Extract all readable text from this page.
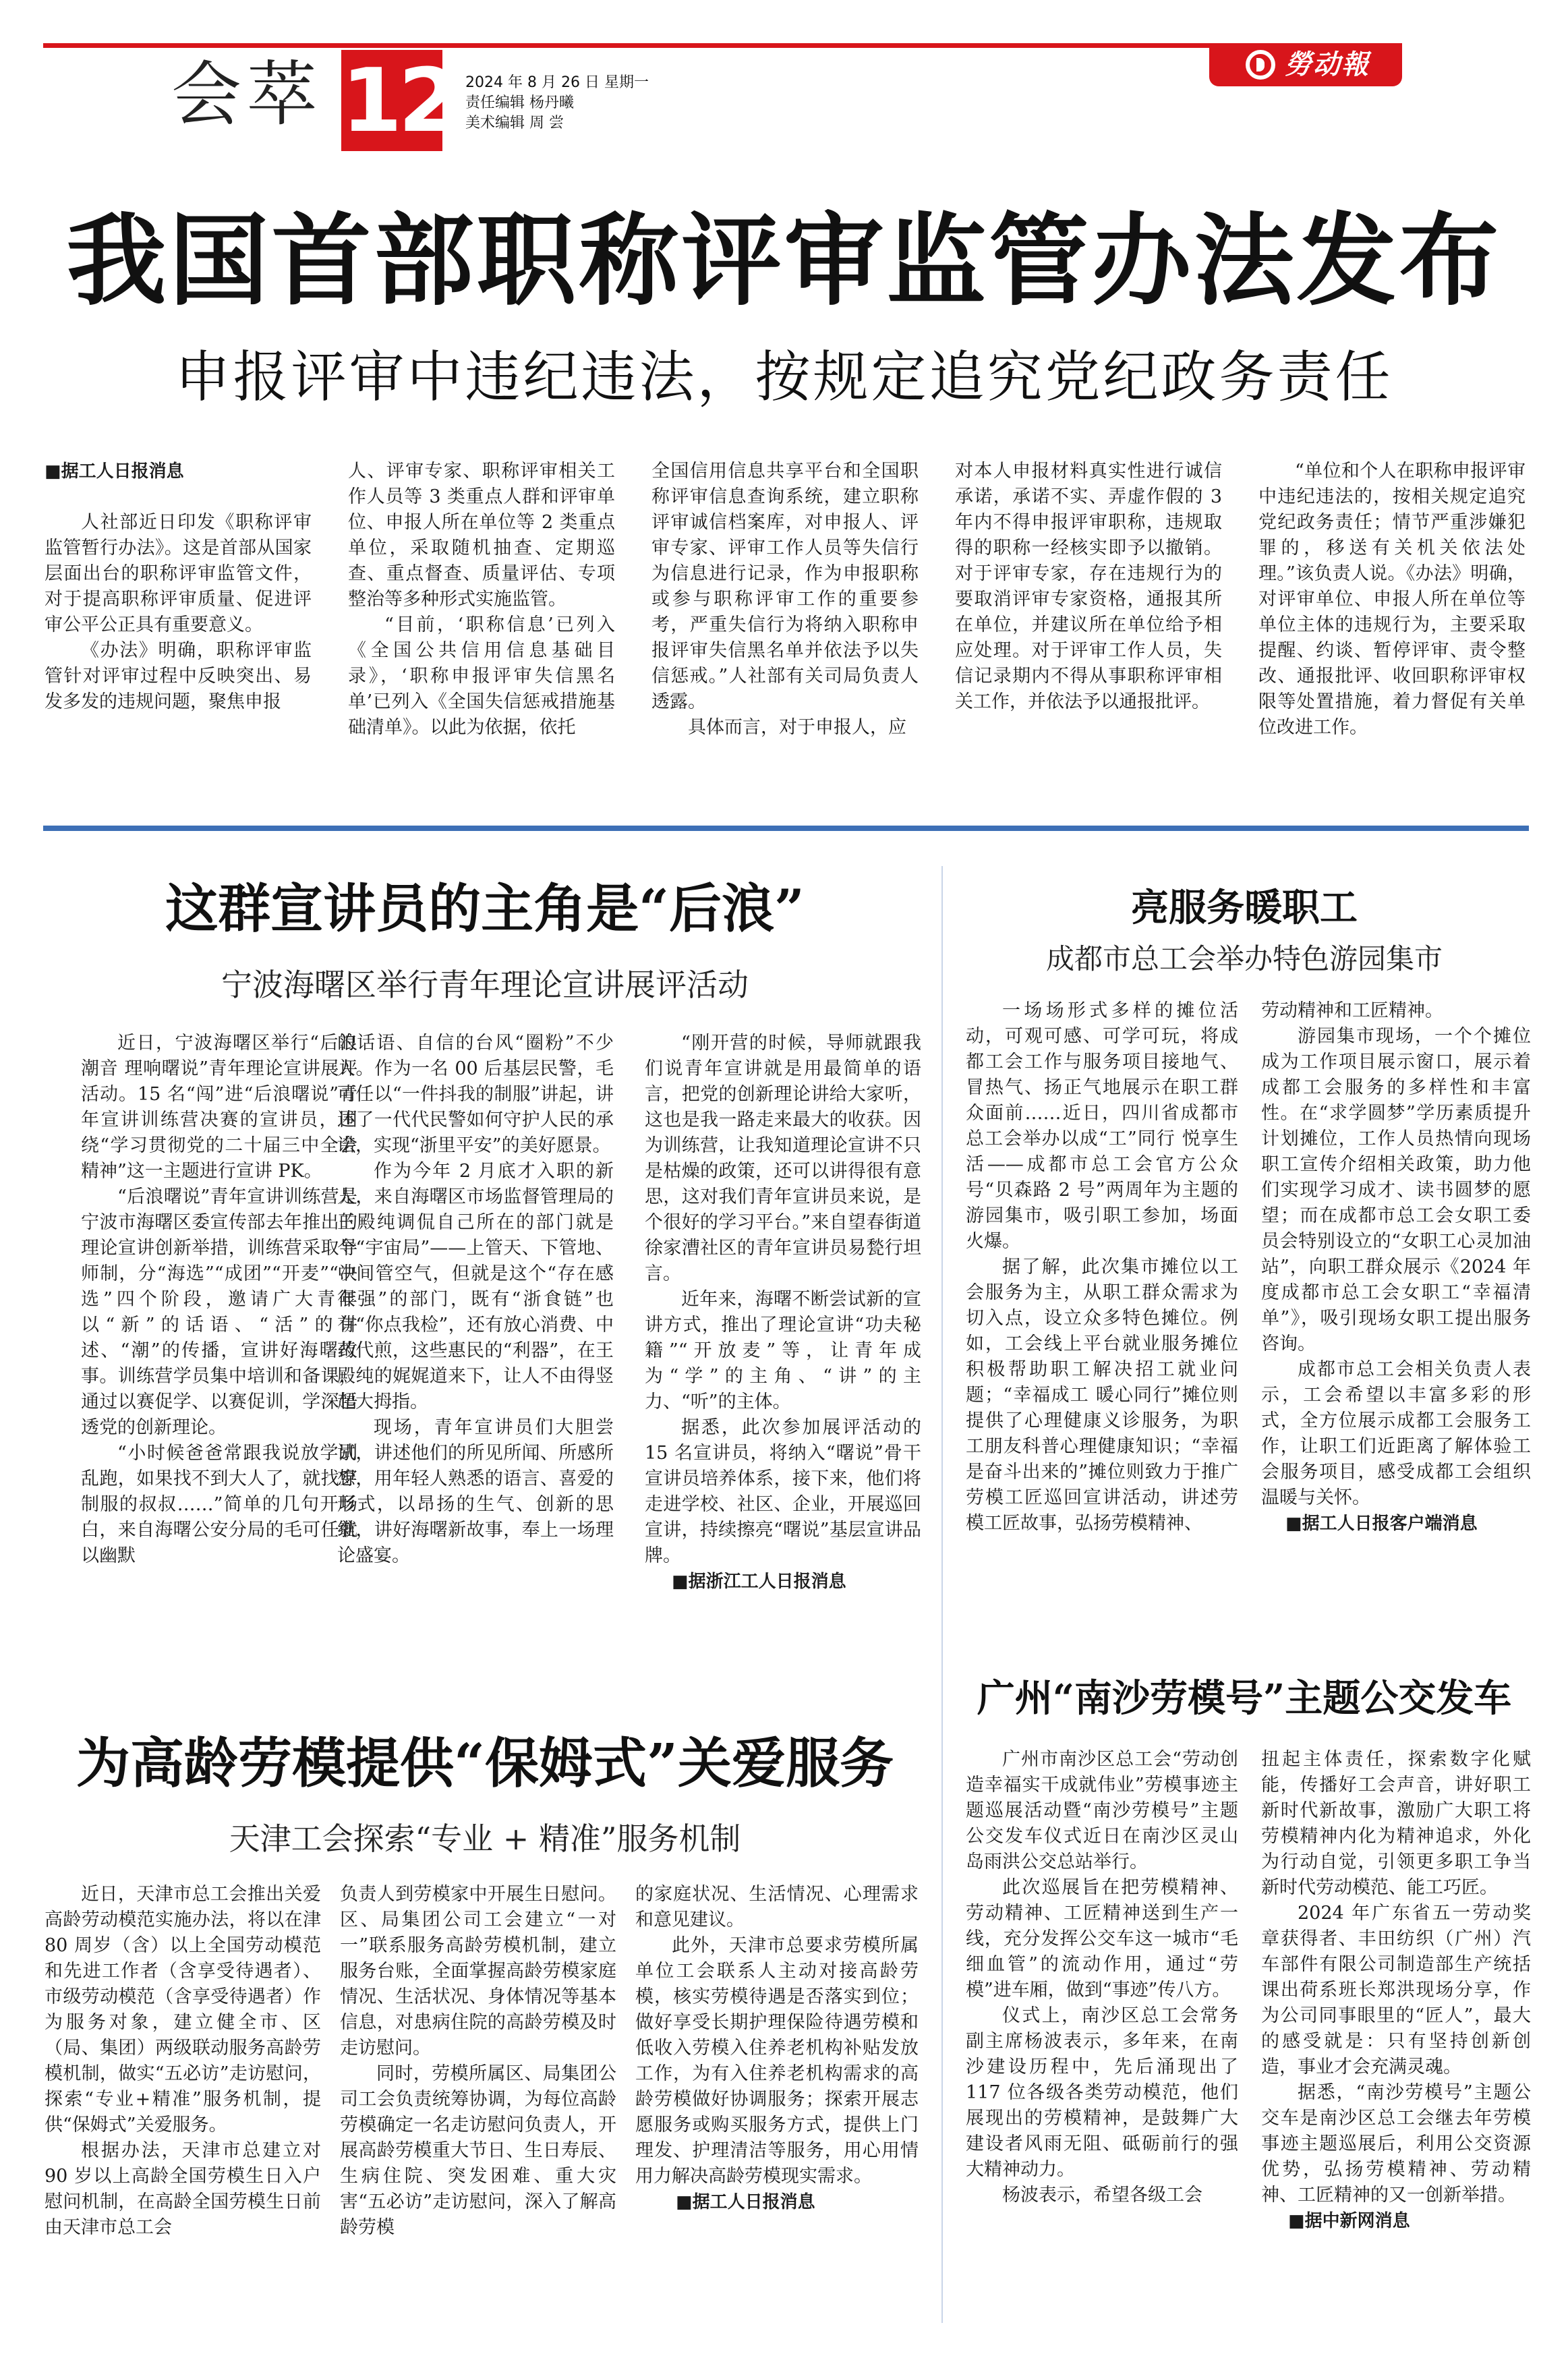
会萃 12 2024 年 8 月 26 日 星期一
责任编辑 杨丹曦
美术编辑 周 尝
勞动報
我国首部职称评审监管办法发布
申报评审中违纪违法，按规定追究党纪政务责任

■据工人日报消息

人社部近日印发《职称评审监管暂行办法》。这是首部从国家层面出台的职称评审监管文件，对于提高职称评审质量、促进评审公平公正具有重要意义。

《办法》明确，职称评审监管针对评审过程中反映突出、易发多发的违规问题，聚焦申报

人、评审专家、职称评审相关工作人员等 3 类重点人群和评审单位、申报人所在单位等 2 类重点单位，采取随机抽查、定期巡查、重点督查、质量评估、专项整治等多种形式实施监管。

“目前，‘职称信息’已列入《全国公共信用信息基础目录》，‘职称申报评审失信黑名单’已列入《全国失信惩戒措施基础清单》。以此为依据，依托

全国信用信息共享平台和全国职称评审信息查询系统，建立职称评审诚信档案库，对申报人、评审专家、评审工作人员等失信行为信息进行记录，作为申报职称或参与职称评审工作的重要参考，严重失信行为将纳入职称申报评审失信黑名单并依法予以失信惩戒。”人社部有关司局负责人透露。

具体而言，对于申报人，应

对本人申报材料真实性进行诚信承诺，承诺不实、弄虚作假的 3 年内不得申报评审职称，违规取得的职称一经核实即予以撤销。对于评审专家，存在违规行为的要取消评审专家资格，通报其所在单位，并建议所在单位给予相应处理。对于评审工作人员，失信记录期内不得从事职称评审相关工作，并依法予以通报批评。

“单位和个人在职称申报评审中违纪违法的，按相关规定追究党纪政务责任；情节严重涉嫌犯罪的，移送有关机关依法处理。”该负责人说。《办法》明确，对评审单位、申报人所在单位等单位主体的违规行为，主要采取提醒、约谈、暂停评审、责令整改、通报批评、收回职称评审权限等处置措施，着力督促有关单位改进工作。

这群宣讲员的主角是“后浪”
宁波海曙区举行青年理论宣讲展评活动

近日，宁波海曙区举行“后浪潮音 理响曙说”青年理论宣讲展评活动。15 名“闯”进“后浪曙说”青年宣讲训练营决赛的宣讲员，围绕“学习贯彻党的二十届三中全会精神”这一主题进行宣讲 PK。

“后浪曙说”青年宣讲训练营是宁波市海曙区委宣传部去年推出的理论宣讲创新举措，训练营采取导师制，分“海选”“成团”“开麦”“决选”四个阶段，邀请广大青年以“新”的话语、“活”的讲述、“潮”的传播，宣讲好海曙故事。训练营学员集中培训和备课，通过以赛促学、以赛促训，学深悟透党的创新理论。

“小时候爸爸常跟我说放学别乱跑，如果找不到大人了，就找穿制服的叔叔……”简单的几句开场白，来自海曙公安分局的毛可任就以幽默

的话语、自信的台风“圈粉”不少人。作为一名 00 后基层民警，毛可任以“一件抖我的制服”讲起，讲述了一代代民警如何守护人民的承诺，实现“浙里平安”的美好愿景。

作为今年 2 月底才入职的新人，来自海曙区市场监督管理局的王殿纯调侃自己所在的部门就是个“宇宙局”——上管天、下管地、中间管空气，但就是这个“存在感很强”的部门，既有“浙食链”也有“你点我检”，还有放心消费、中药代煎，这些惠民的“利器”，在王殿纯的娓娓道来下，让人不由得竖起大拇指。

现场，青年宣讲员们大胆尝试，讲述他们的所见所闻、所感所想，用年轻人熟悉的语言、喜爱的形式，以昂扬的生气、创新的思维，讲好海曙新故事，奉上一场理论盛宴。

“刚开营的时候，导师就跟我们说青年宣讲就是用最简单的语言，把党的创新理论讲给大家听，这也是我一路走来最大的收获。因为训练营，让我知道理论宣讲不只是枯燥的政策，还可以讲得很有意思，这对我们青年宣讲员来说，是个很好的学习平台。”来自望春街道徐家漕社区的青年宣讲员易甃行坦言。

近年来，海曙不断尝试新的宣讲方式，推出了理论宣讲“功夫秘籍”“开放麦”等，让青年成为“学”的主角、“讲”的主力、“听”的主体。

据悉，此次参加展评活动的 15 名宣讲员，将纳入“曙说”骨干宣讲员培养体系，接下来，他们将走进学校、社区、企业，开展巡回宣讲，持续擦亮“曙说”基层宣讲品牌。

■据浙江工人日报消息

亮服务暖职工
成都市总工会举办特色游园集市

一场场形式多样的摊位活动，可观可感、可学可玩，将成都工会工作与服务项目接地气、冒热气、扬正气地展示在职工群众面前……近日，四川省成都市总工会举办以成“工”同行 悦享生活——成都市总工会官方公众号“贝森路 2 号”两周年为主题的游园集市，吸引职工参加，场面火爆。

据了解，此次集市摊位以工会服务为主，从职工群众需求为切入点，设立众多特色摊位。例如，工会线上平台就业服务摊位积极帮助职工解决招工就业问题；“幸福成工 暖心同行”摊位则提供了心理健康义诊服务，为职工朋友科普心理健康知识；“幸福是奋斗出来的”摊位则致力于推广劳模工匠巡回宣讲活动，讲述劳模工匠故事，弘扬劳模精神、

劳动精神和工匠精神。

游园集市现场，一个个摊位成为工作项目展示窗口，展示着成都工会服务的多样性和丰富性。在“求学圆梦”学历素质提升计划摊位，工作人员热情向现场职工宣传介绍相关政策，助力他们实现学习成才、读书圆梦的愿望；而在成都市总工会女职工委员会特别设立的“女职工心灵加油站”，向职工群众展示《2024 年度成都市总工会女职工“幸福清单”》，吸引现场女职工提出服务咨询。

成都市总工会相关负责人表示，工会希望以丰富多彩的形式，全方位展示成都工会服务工作，让职工们近距离了解体验工会服务项目，感受成都工会组织温暖与关怀。

■据工人日报客户端消息

为高龄劳模提供“保姆式”关爱服务
天津工会探索“专业 + 精准”服务机制

近日，天津市总工会推出关爱高龄劳动模范实施办法，将以在津 80 周岁（含）以上全国劳动模范和先进工作者（含享受待遇者）、市级劳动模范（含享受待遇者）作为服务对象，建立健全市、区（局、集团）两级联动服务高龄劳模机制，做实“五必访”走访慰问，探索“专业+精准”服务机制，提供“保姆式”关爱服务。

根据办法，天津市总建立对 90 岁以上高龄全国劳模生日入户慰问机制，在高龄全国劳模生日前由天津市总工会

负责人到劳模家中开展生日慰问。区、局集团公司工会建立“一对一”联系服务高龄劳模机制，建立服务台账，全面掌握高龄劳模家庭情况、生活状况、身体情况等基本信息，对患病住院的高龄劳模及时走访慰问。

同时，劳模所属区、局集团公司工会负责统筹协调，为每位高龄劳模确定一名走访慰问负责人，开展高龄劳模重大节日、生日寿辰、生病住院、突发困难、重大灾害“五必访”走访慰问，深入了解高龄劳模

的家庭状况、生活情况、心理需求和意见建议。

此外，天津市总要求劳模所属单位工会联系人主动对接高龄劳模，核实劳模待遇是否落实到位；做好享受长期护理保险待遇劳模和低收入劳模入住养老机构补贴发放工作，为有入住养老机构需求的高龄劳模做好协调服务；探索开展志愿服务或购买服务方式，提供上门理发、护理清洁等服务，用心用情用力解决高龄劳模现实需求。

■据工人日报消息

广州“南沙劳模号”主题公交发车

广州市南沙区总工会“劳动创造幸福实干成就伟业”劳模事迹主题巡展活动暨“南沙劳模号”主题公交发车仪式近日在南沙区灵山岛雨洪公交总站举行。

此次巡展旨在把劳模精神、劳动精神、工匠精神送到生产一线，充分发挥公交车这一城市“毛细血管”的流动作用，通过“劳模”进车厢，做到“事迹”传八方。

仪式上，南沙区总工会常务副主席杨波表示，多年来，在南沙建设历程中，先后涌现出了 117 位各级各类劳动模范，他们展现出的劳模精神，是鼓舞广大建设者风雨无阻、砥砺前行的强大精神动力。

杨波表示，希望各级工会

扭起主体责任，探索数字化赋能，传播好工会声音，讲好职工新时代新故事，激励广大职工将劳模精神内化为精神追求，外化为行动自觉，引领更多职工争当新时代劳动模范、能工巧匠。

2024 年广东省五一劳动奖章获得者、丰田纺织（广州）汽车部件有限公司制造部生产统括课出荷系班长郑洪现场分享，作为公司同事眼里的“匠人”，最大的感受就是：只有坚持创新创造，事业才会充满灵魂。

据悉，“南沙劳模号”主题公交车是南沙区总工会继去年劳模事迹主题巡展后，利用公交资源优势，弘扬劳模精神、劳动精神、工匠精神的又一创新举措。

■据中新网消息
